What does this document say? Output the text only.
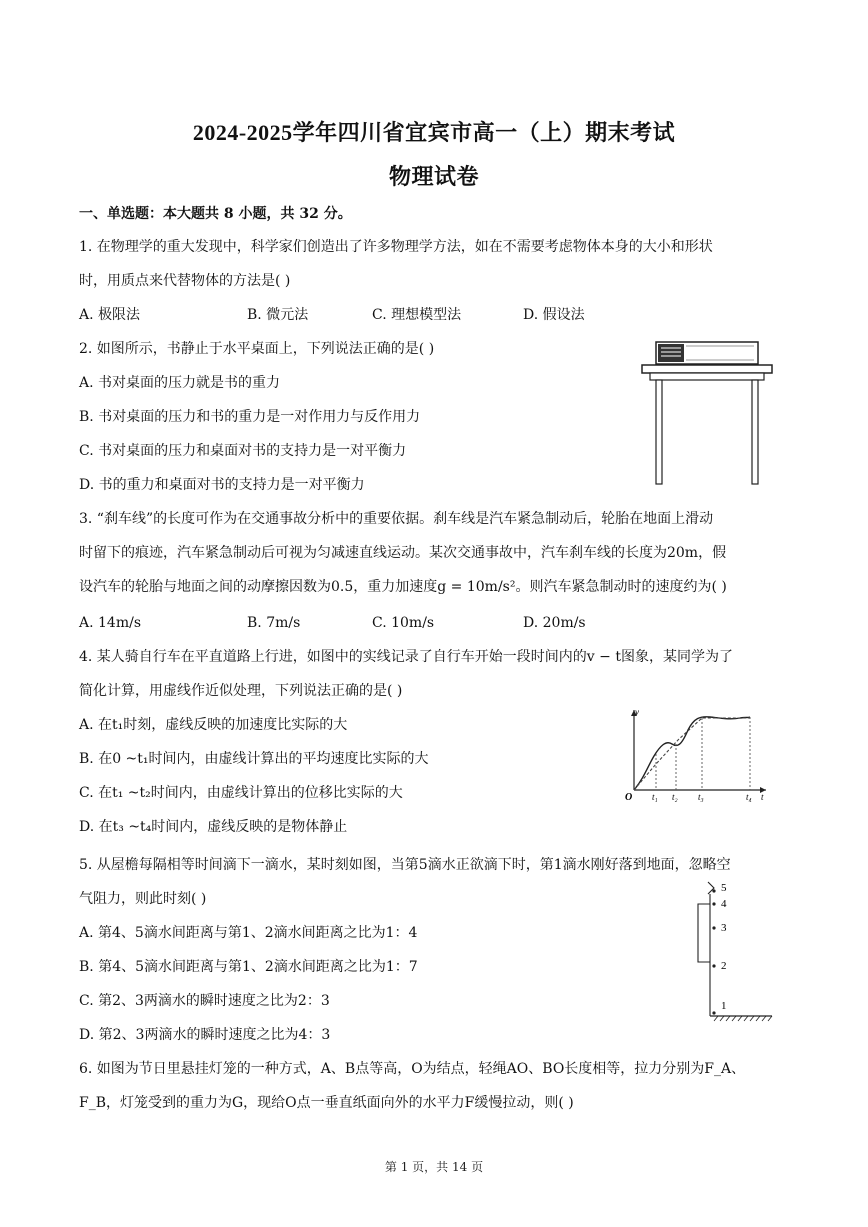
2024-2025学年四川省宜宾市高一（上）期末考试
物理试卷
一、单选题：本大题共 8 小题，共 32 分。
1. 在物理学的重大发现中，科学家们创造出了许多物理学方法，如在不需要考虑物体本身的大小和形状
时，用质点来代替物体的方法是( )
A. 极限法	B. 微元法	C. 理想模型法	D. 假设法
2. 如图所示，书静止于水平桌面上，下列说法正确的是( )
A. 书对桌面的压力就是书的重力
B. 书对桌面的压力和书的重力是一对作用力与反作用力
C. 书对桌面的压力和桌面对书的支持力是一对平衡力
D. 书的重力和桌面对书的支持力是一对平衡力
3. “刹车线”的长度可作为在交通事故分析中的重要依据。刹车线是汽车紧急制动后，轮胎在地面上滑动
时留下的痕迹，汽车紧急制动后可视为匀减速直线运动。某次交通事故中，汽车刹车线的长度为20m，假
设汽车的轮胎与地面之间的动摩擦因数为0.5，重力加速度g = 10m/s²。则汽车紧急制动时的速度约为( )
A. 14m/s	B. 7m/s	C. 10m/s	D. 20m/s
4. 某人骑自行车在平直道路上行进，如图中的实线记录了自行车开始一段时间内的v − t图象，某同学为了
简化计算，用虚线作近似处理，下列说法正确的是( )
A. 在t₁时刻，虚线反映的加速度比实际的大
B. 在0 ~t₁时间内，由虚线计算出的平均速度比实际的大
C. 在t₁ ~t₂时间内，由虚线计算出的位移比实际的大
D. 在t₃ ~t₄时间内，虚线反映的是物体静止
v
O t₁ t₂ t₃	t₄ t
5. 从屋檐每隔相等时间滴下一滴水，某时刻如图，当第5滴水正欲滴下时，第1滴水刚好落到地面，忽略空
气阻力，则此时刻( )
A. 第4、5滴水间距离与第1、2滴水间距离之比为1：4
B. 第4、5滴水间距离与第1、2滴水间距离之比为1：7
C. 第2、3两滴水的瞬时速度之比为2：3
D. 第2、3两滴水的瞬时速度之比为4：3
5
4
3
2
1
6. 如图为节日里悬挂灯笼的一种方式，A、B点等高，O为结点，轻绳AO、BO长度相等，拉力分别为F_A、
F_B，灯笼受到的重力为G，现给O点一垂直纸面向外的水平力F缓慢拉动，则( )
第 1 页，共 14 页
